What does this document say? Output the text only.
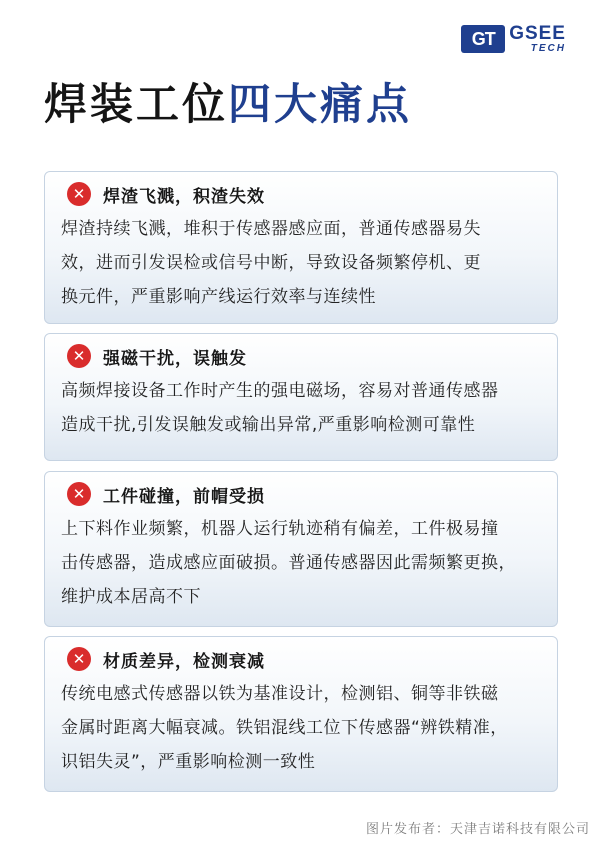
GT GSEE
TECH
焊装工位四大痛点
✕	焊渣飞溅，积渣失效
焊渣持续飞溅，堆积于传感器感应面，普通传感器易失
效，进而引发误检或信号中断，导致设备频繁停机、更
换元件，严重影响产线运行效率与连续性
✕	强磁干扰，误触发
高频焊接设备工作时产生的强电磁场，容易对普通传感器
造成干扰,引发误触发或输出异常,严重影响检测可靠性
✕	工件碰撞，前帽受损
上下料作业频繁，机器人运行轨迹稍有偏差，工件极易撞
击传感器，造成感应面破损。普通传感器因此需频繁更换，
维护成本居高不下
✕	材质差异，检测衰减
传统电感式传感器以铁为基准设计，检测铝、铜等非铁磁
金属时距离大幅衰减。铁铝混线工位下传感器“辨铁精准，
识铝失灵”，严重影响检测一致性
图片发布者：天津吉诺科技有限公司
